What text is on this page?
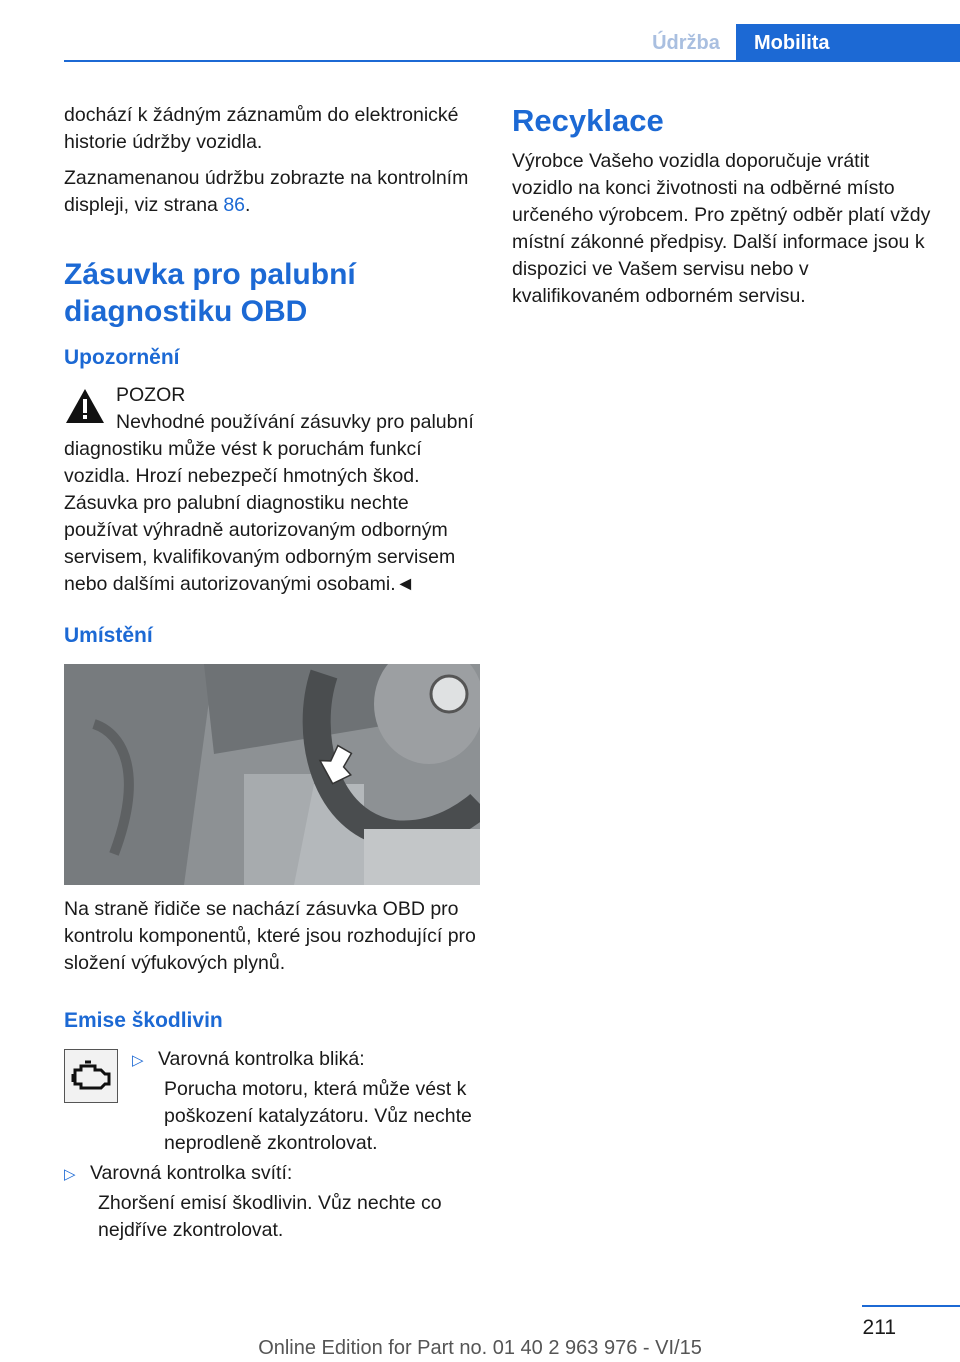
Údržba	Mobilita

dochází k žádným záznamům do elektronické historie údržby vozidla.

Zaznamenanou údržbu zobrazte na kontrolním displeji, viz strana 86.

Zásuvka pro palubní
diagnostiku OBD
Upozornění
POZOR
Nevhodné používání zásuvky pro palubní diagnostiku může vést k poruchám funkcí vozidla. Hrozí nebezpečí hmotných škod. Zásuvka pro palubní diagnostiku nechte používat výhradně autorizovaným odborným servisem, kvalifikovaným odborným servisem nebo dalšími autorizovanými osobami.◄
Umístění

Na straně řidiče se nachází zásuvka OBD pro kontrolu komponentů, které jsou rozhodující pro složení výfukových plynů.

Emise škodlivin
▷ Varovná kontrolka bliká:
Porucha motoru, která může vést k poškození katalyzátoru. Vůz nechte neprodleně zkontrolovat.
▷ Varovná kontrolka svítí:
Zhoršení emisí škodlivin. Vůz nechte co nejdříve zkontrolovat.
Recyklace

Výrobce Vašeho vozidla doporučuje vrátit vozidlo na konci životnosti na odběrné místo určeného výrobcem. Pro zpětný odběr platí vždy místní zákonné předpisy. Další informace jsou k dispozici ve Vašem servisu nebo v kvalifikovaném odborném servisu.

211
Online Edition for Part no. 01 40 2 963 976 - VI/15
